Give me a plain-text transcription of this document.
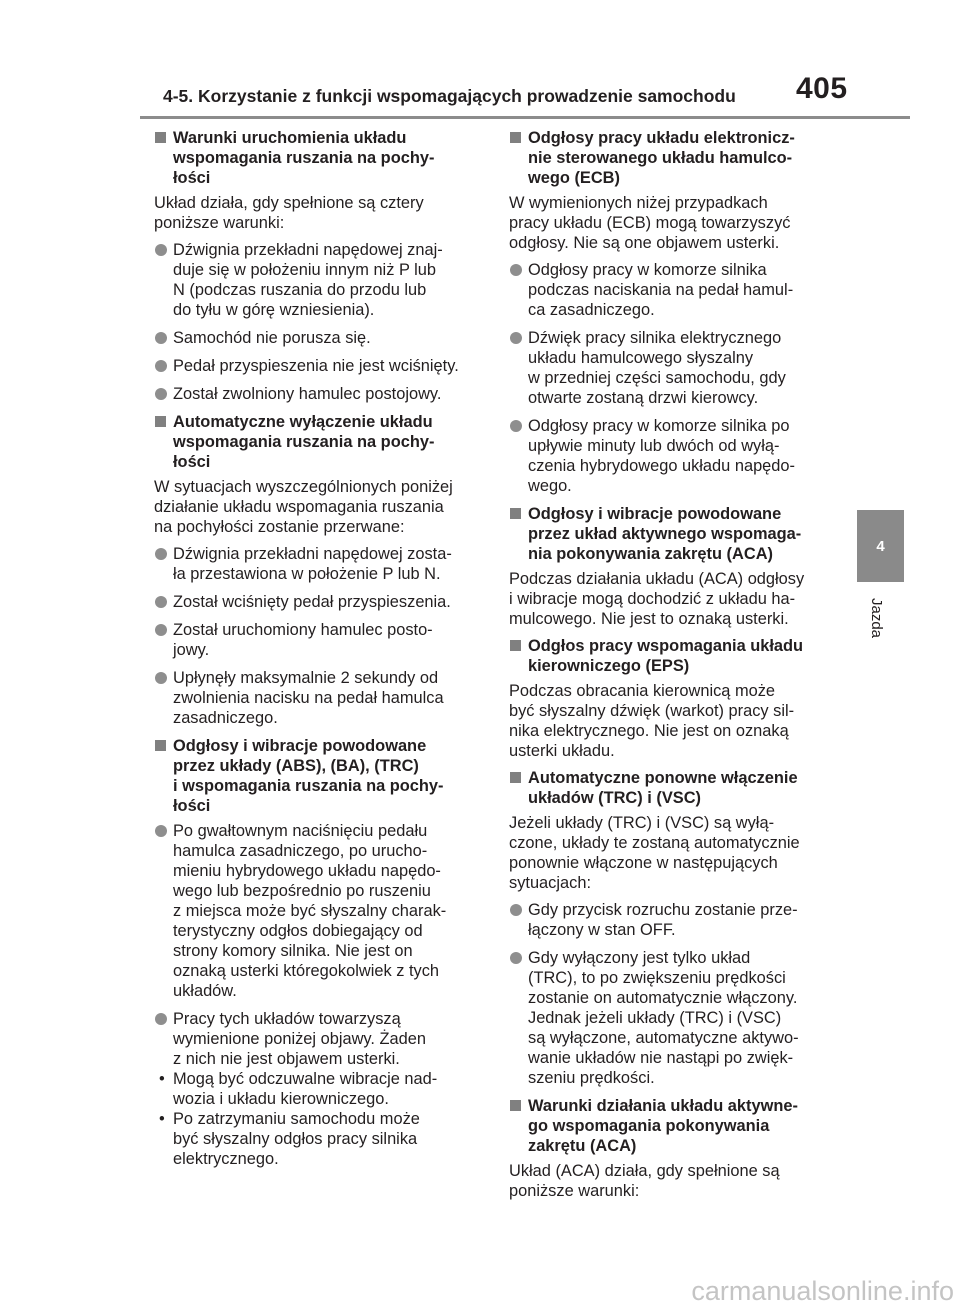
4-5. Korzystanie z funkcji wspomagających prowadzenie samochodu 405
4
Jazda
Warunki uruchomienia układu
wspomagania ruszania na pochy-
łości
Układ działa, gdy spełnione są cztery
poniższe warunki:
Dźwignia przekładni napędowej znaj-
duje się w położeniu innym niż P lub
N (podczas ruszania do przodu lub
do tyłu w górę wzniesienia).
Samochód nie porusza się.
Pedał przyspieszenia nie jest wciśnięty.
Został zwolniony hamulec postojowy.
Automatyczne wyłączenie układu
wspomagania ruszania na pochy-
łości
W sytuacjach wyszczególnionych poniżej
działanie układu wspomagania ruszania
na pochyłości zostanie przerwane:
Dźwignia przekładni napędowej zosta-
ła przestawiona w położenie P lub N.
Został wciśnięty pedał przyspieszenia.
Został uruchomiony hamulec posto-
jowy.
Upłynęły maksymalnie 2 sekundy od
zwolnienia nacisku na pedał hamulca
zasadniczego.
Odgłosy i wibracje powodowane
przez układy (ABS), (BA), (TRC)
i wspomagania ruszania na pochy-
łości
Po gwałtownym naciśnięciu pedału
hamulca zasadniczego, po urucho-
mieniu hybrydowego układu napędo-
wego lub bezpośrednio po ruszeniu
z miejsca może być słyszalny charak-
terystyczny odgłos dobiegający od
strony komory silnika. Nie jest on
oznaką usterki któregokolwiek z tych
układów.
Pracy tych układów towarzyszą
wymienione poniżej objawy. Żaden
z nich nie jest objawem usterki.
• Mogą być odczuwalne wibracje nad-
wozia i układu kierowniczego.
• Po zatrzymaniu samochodu może
być słyszalny odgłos pracy silnika
elektrycznego.
Odgłosy pracy układu elektronicz-
nie sterowanego układu hamulco-
wego (ECB)
W wymienionych niżej przypadkach
pracy układu (ECB) mogą towarzyszyć
odgłosy. Nie są one objawem usterki.
Odgłosy pracy w komorze silnika
podczas naciskania na pedał hamul-
ca zasadniczego.
Dźwięk pracy silnika elektrycznego
układu hamulcowego słyszalny
w przedniej części samochodu, gdy
otwarte zostaną drzwi kierowcy.
Odgłosy pracy w komorze silnika po
upływie minuty lub dwóch od wyłą-
czenia hybrydowego układu napędo-
wego.
Odgłosy i wibracje powodowane
przez układ aktywnego wspomaga-
nia pokonywania zakrętu (ACA)
Podczas działania układu (ACA) odgłosy
i wibracje mogą dochodzić z układu ha-
mulcowego. Nie jest to oznaką usterki.
Odgłos pracy wspomagania układu
kierowniczego (EPS)
Podczas obracania kierownicą może
być słyszalny dźwięk (warkot) pracy sil-
nika elektrycznego. Nie jest on oznaką
usterki układu.
Automatyczne ponowne włączenie
układów (TRC) i (VSC)
Jeżeli układy (TRC) i (VSC) są wyłą-
czone, układy te zostaną automatycznie
ponownie włączone w następujących
sytuacjach:
Gdy przycisk rozruchu zostanie prze-
łączony w stan OFF.
Gdy wyłączony jest tylko układ
(TRC), to po zwiększeniu prędkości
zostanie on automatycznie włączony.
Jednak jeżeli układy (TRC) i (VSC)
są wyłączone, automatyczne aktywo-
wanie układów nie nastąpi po zwięk-
szeniu prędkości.
Warunki działania układu aktywne-
go wspomagania pokonywania
zakrętu (ACA)
Układ (ACA) działa, gdy spełnione są
poniższe warunki:
carmanualsonline.info
